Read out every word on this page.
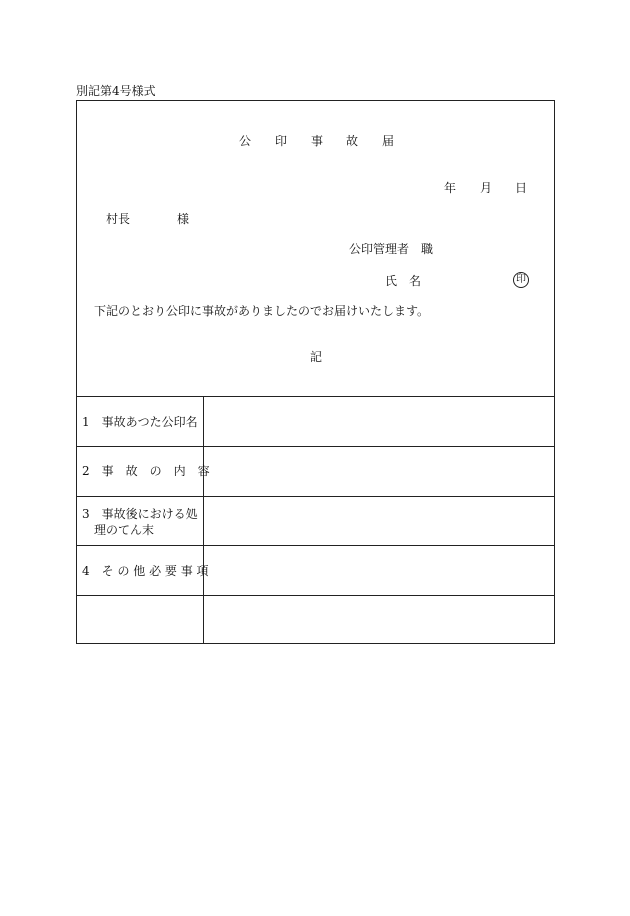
別記第4号様式
公 印 事 故 届
年 月 日
村長	様
公印管理者 職
氏 名	印
下記のとおり公印に事故がありましたのでお届けいたします。
記
1　事故あつた公印名
2　事　故　の　内　容
3　事故後における処
　理のてん末
4　そ の 他 必 要 事 項
